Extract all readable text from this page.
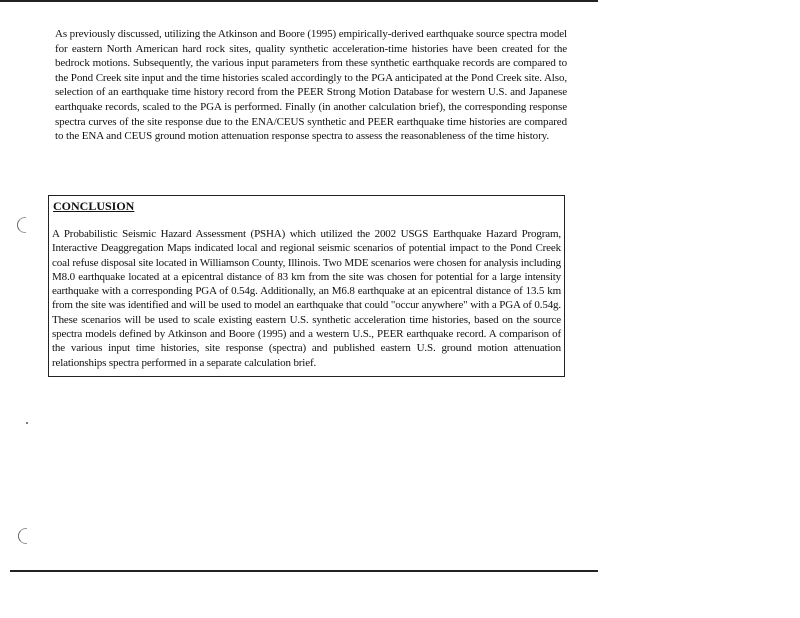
As previously discussed, utilizing the Atkinson and Boore (1995) empirically-derived earthquake source spectra model for eastern North American hard rock sites, quality synthetic acceleration-time histories have been created for the bedrock motions. Subsequently, the various input parameters from these synthetic earthquake records are compared to the Pond Creek site input and the time histories scaled accordingly to the PGA anticipated at the Pond Creek site. Also, selection of an earthquake time history record from the PEER Strong Motion Database for western U.S. and Japanese earthquake records, scaled to the PGA is performed. Finally (in another calculation brief), the corresponding response spectra curves of the site response due to the ENA/CEUS synthetic and PEER earthquake time histories are compared to the ENA and CEUS ground motion attenuation response spectra to assess the reasonableness of the time history.
CONCLUSION
A Probabilistic Seismic Hazard Assessment (PSHA) which utilized the 2002 USGS Earthquake Hazard Program, Interactive Deaggregation Maps indicated local and regional seismic scenarios of potential impact to the Pond Creek coal refuse disposal site located in Williamson County, Illinois. Two MDE scenarios were chosen for analysis including M8.0 earthquake located at a epicentral distance of 83 km from the site was chosen for potential for a large intensity earthquake with a corresponding PGA of 0.54g. Additionally, an M6.8 earthquake at an epicentral distance of 13.5 km from the site was identified and will be used to model an earthquake that could "occur anywhere" with a PGA of 0.54g. These scenarios will be used to scale existing eastern U.S. synthetic acceleration time histories, based on the source spectra models defined by Atkinson and Boore (1995) and a western U.S., PEER earthquake record. A comparison of the various input time histories, site response (spectra) and published eastern U.S. ground motion attenuation relationships spectra performed in a separate calculation brief.
